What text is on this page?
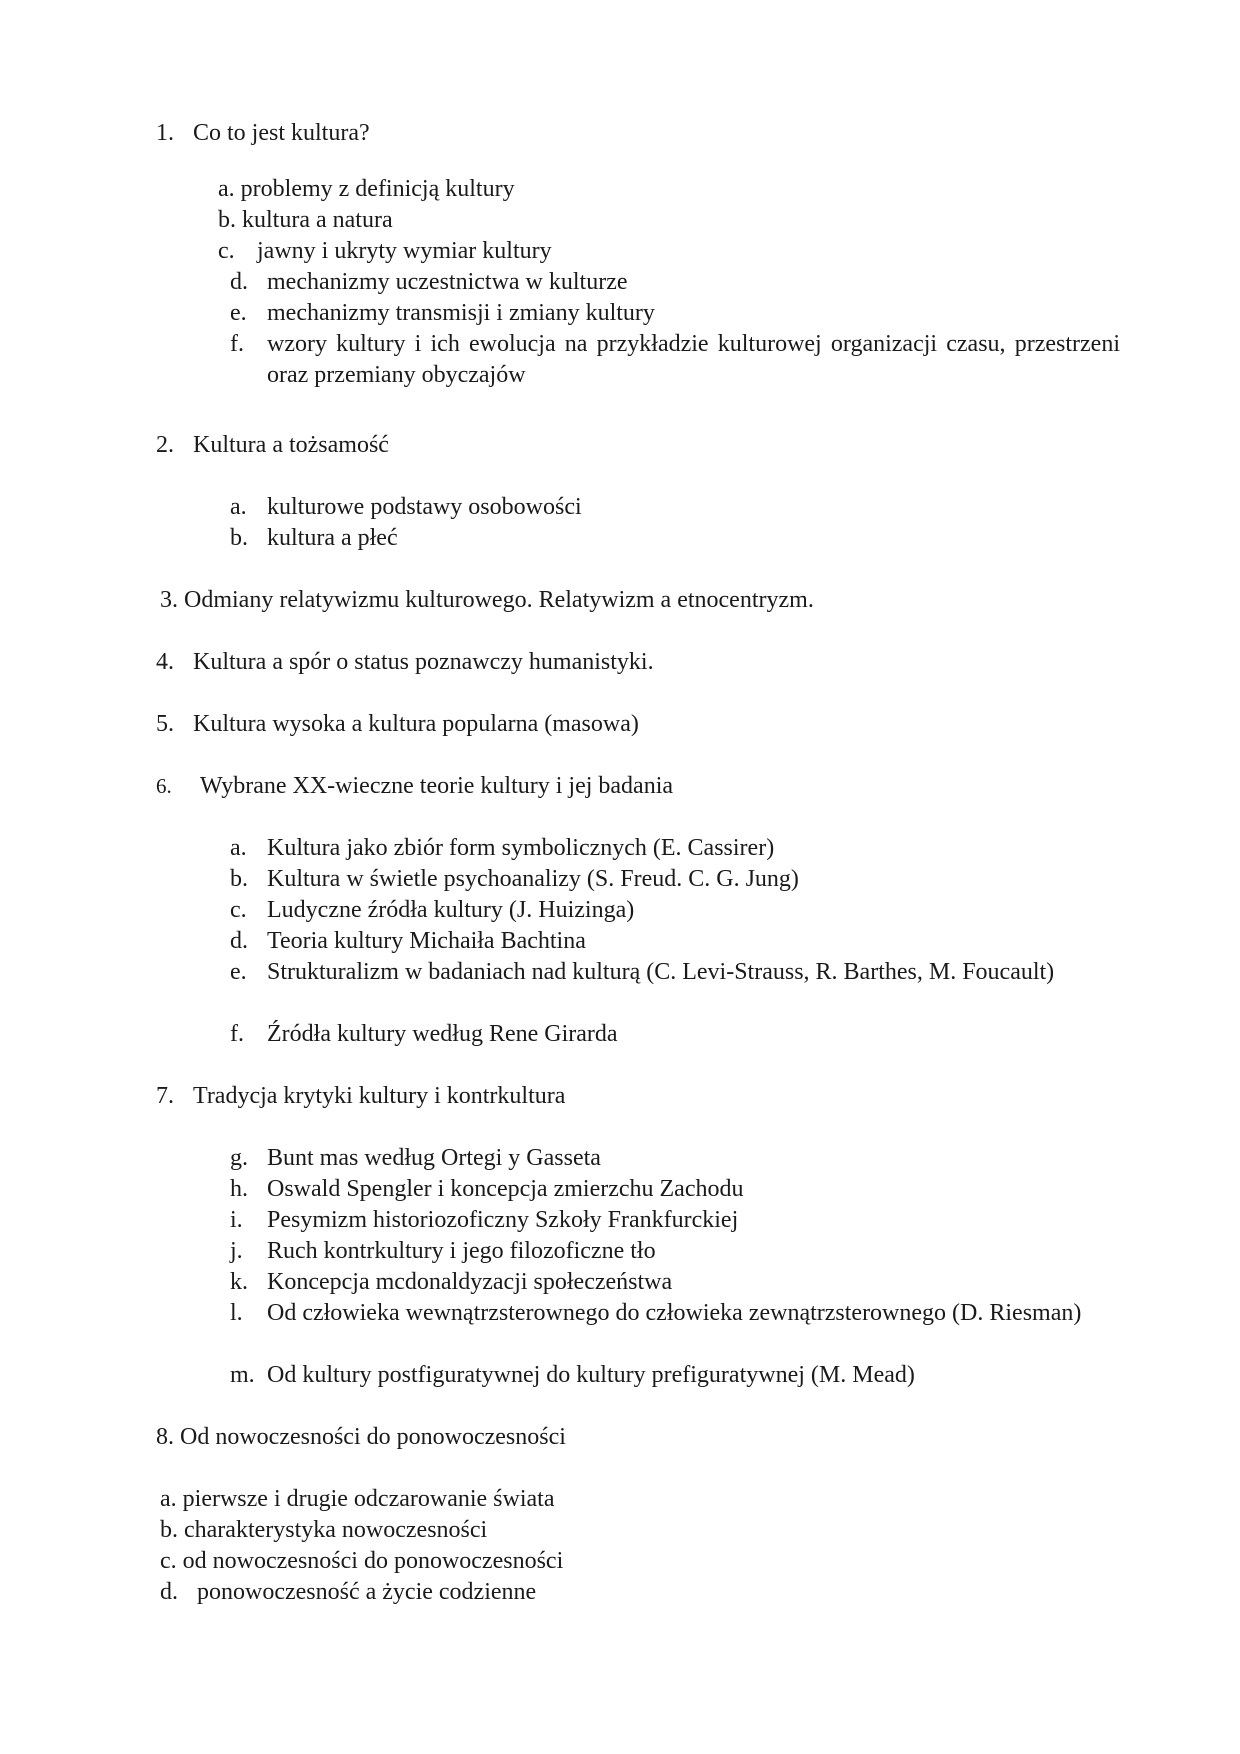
1. Co to jest kultura?
a. problemy z definicją kultury
b. kultura a natura
c. jawny i ukryty wymiar kultury
d. mechanizmy uczestnictwa w kulturze
e. mechanizmy transmisji i zmiany kultury
f. wzory kultury i ich ewolucja na przykładzie kulturowej organizacji czasu, przestrzeni oraz przemiany obyczajów
2. Kultura a tożsamość
a. kulturowe podstawy osobowości
b. kultura a płeć
3. Odmiany relatywizmu kulturowego. Relatywizm a etnocentryzm.
4. Kultura a spór o status poznawczy humanistyki.
5. Kultura wysoka a kultura popularna (masowa)
6. Wybrane XX-wieczne teorie kultury i jej badania
a. Kultura jako zbiór form symbolicznych (E. Cassirer)
b. Kultura w świetle psychoanalizy (S. Freud. C. G. Jung)
c. Ludyczne źródła kultury (J. Huizinga)
d. Teoria kultury Michaiła Bachtina
e. Strukturalizm w badaniach nad kulturą (C. Levi-Strauss, R. Barthes, M. Foucault)
f. Źródła kultury według Rene Girarda
7. Tradycja krytyki kultury i kontrkultura
g. Bunt mas według Ortegi y Gasseta
h. Oswald Spengler i koncepcja zmierzchu Zachodu
i. Pesymizm historiozoficzny Szkoły Frankfurckiej
j. Ruch kontrkultury i jego filozoficzne tło
k. Koncepcja mcdonaldyzacji społeczeństwa
l. Od człowieka wewnątrzsterownego do człowieka zewnątrzsterownego (D. Riesman)
m. Od kultury postfiguratywnej do kultury prefiguratywnej (M. Mead)
8. Od nowoczesności do ponowoczesności
a. pierwsze i drugie odczarowanie świata
b. charakterystyka nowoczesności
c. od nowoczesności do ponowoczesności
d. ponowoczesność a życie codzienne
